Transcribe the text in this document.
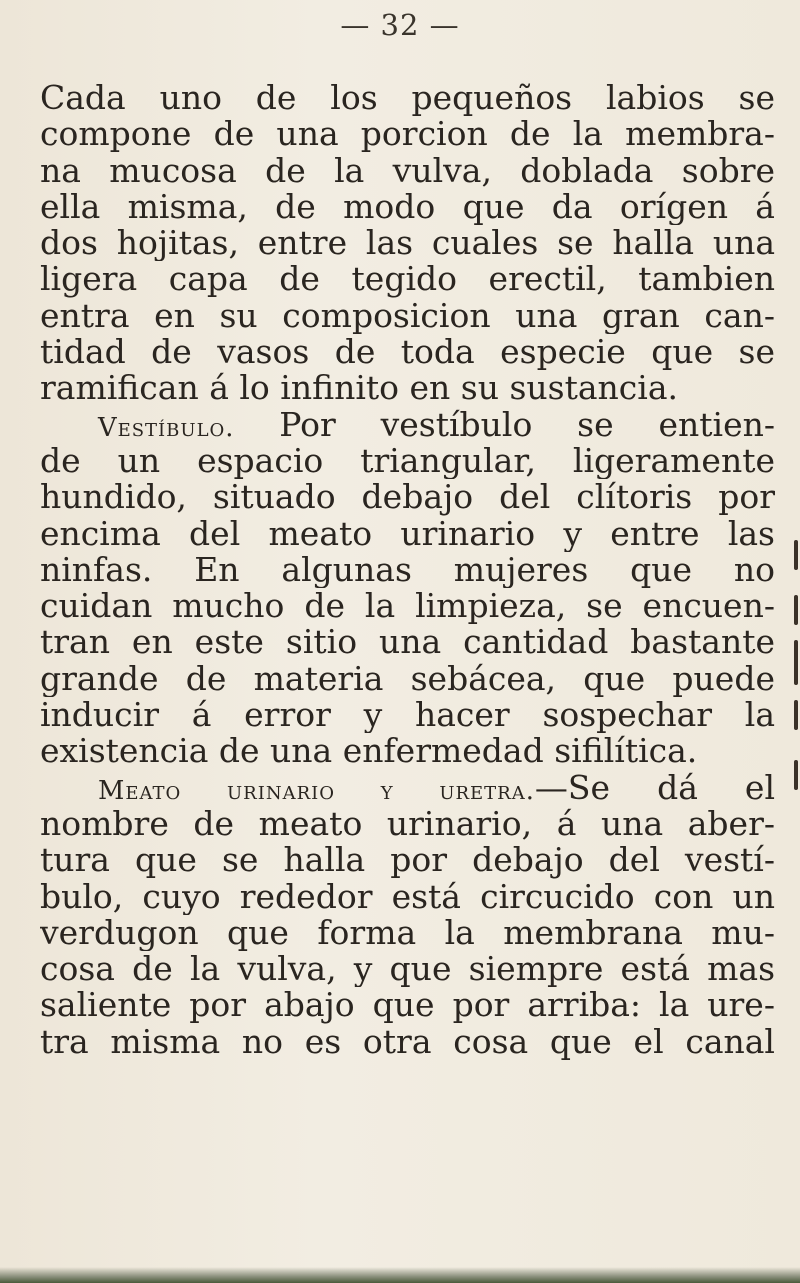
— 32 —
Cada uno de los pequeños labios se
compone de una porcion de la membra-
na mucosa de la vulva, doblada sobre
ella misma, de modo que da orígen á
dos hojitas, entre las cuales se halla una
ligera capa de tegido erectil, tambien
entra en su composicion una gran can-
tidad de vasos de toda especie que se
ramifican á lo infinito en su sustancia.
Vestíbulo. Por vestíbulo se entien-
de un espacio triangular, ligeramente
hundido, situado debajo del clítoris por
encima del meato urinario y entre las
ninfas. En algunas mujeres que no
cuidan mucho de la limpieza, se encuen-
tran en este sitio una cantidad bastante
grande de materia sebácea, que puede
inducir á error y hacer sospechar la
existencia de una enfermedad sifilítica.
Meato urinario y uretra.—Se dá el
nombre de meato urinario, á una aber-
tura que se halla por debajo del vestí-
bulo, cuyo rededor está circucido con un
verdugon que forma la membrana mu-
cosa de la vulva, y que siempre está mas
saliente por abajo que por arriba: la ure-
tra misma no es otra cosa que el canal
